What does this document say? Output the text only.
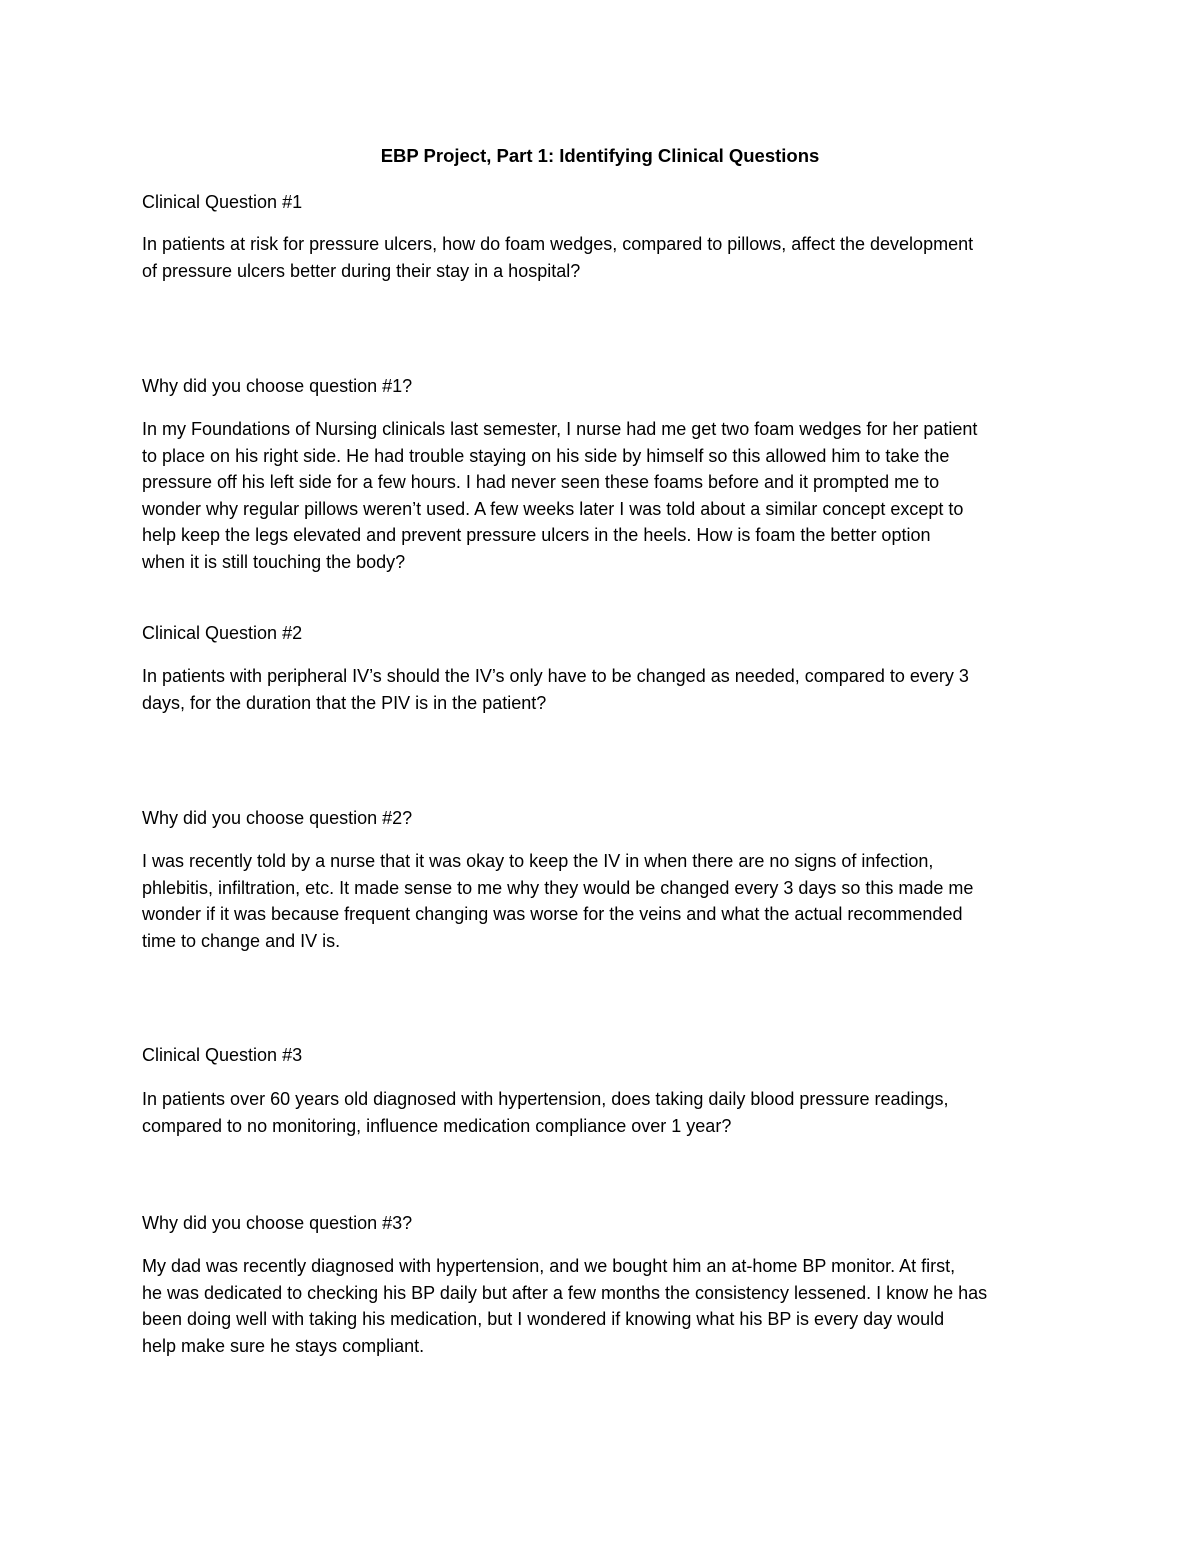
EBP Project, Part 1: Identifying Clinical Questions

Clinical Question #1

In patients at risk for pressure ulcers, how do foam wedges, compared to pillows, affect the development
of pressure ulcers better during their stay in a hospital?

Why did you choose question #1?

In my Foundations of Nursing clinicals last semester, I nurse had me get two foam wedges for her patient
to place on his right side. He had trouble staying on his side by himself so this allowed him to take the
pressure off his left side for a few hours. I had never seen these foams before and it prompted me to
wonder why regular pillows weren’t used. A few weeks later I was told about a similar concept except to
help keep the legs elevated and prevent pressure ulcers in the heels. How is foam the better option
when it is still touching the body?

Clinical Question #2

In patients with peripheral IV’s should the IV’s only have to be changed as needed, compared to every 3
days, for the duration that the PIV is in the patient?

Why did you choose question #2?

I was recently told by a nurse that it was okay to keep the IV in when there are no signs of infection,
phlebitis, infiltration, etc. It made sense to me why they would be changed every 3 days so this made me
wonder if it was because frequent changing was worse for the veins and what the actual recommended
time to change and IV is.

Clinical Question #3

In patients over 60 years old diagnosed with hypertension, does taking daily blood pressure readings,
compared to no monitoring, influence medication compliance over 1 year?

Why did you choose question #3?

My dad was recently diagnosed with hypertension, and we bought him an at-home BP monitor. At first,
he was dedicated to checking his BP daily but after a few months the consistency lessened. I know he has
been doing well with taking his medication, but I wondered if knowing what his BP is every day would
help make sure he stays compliant.
